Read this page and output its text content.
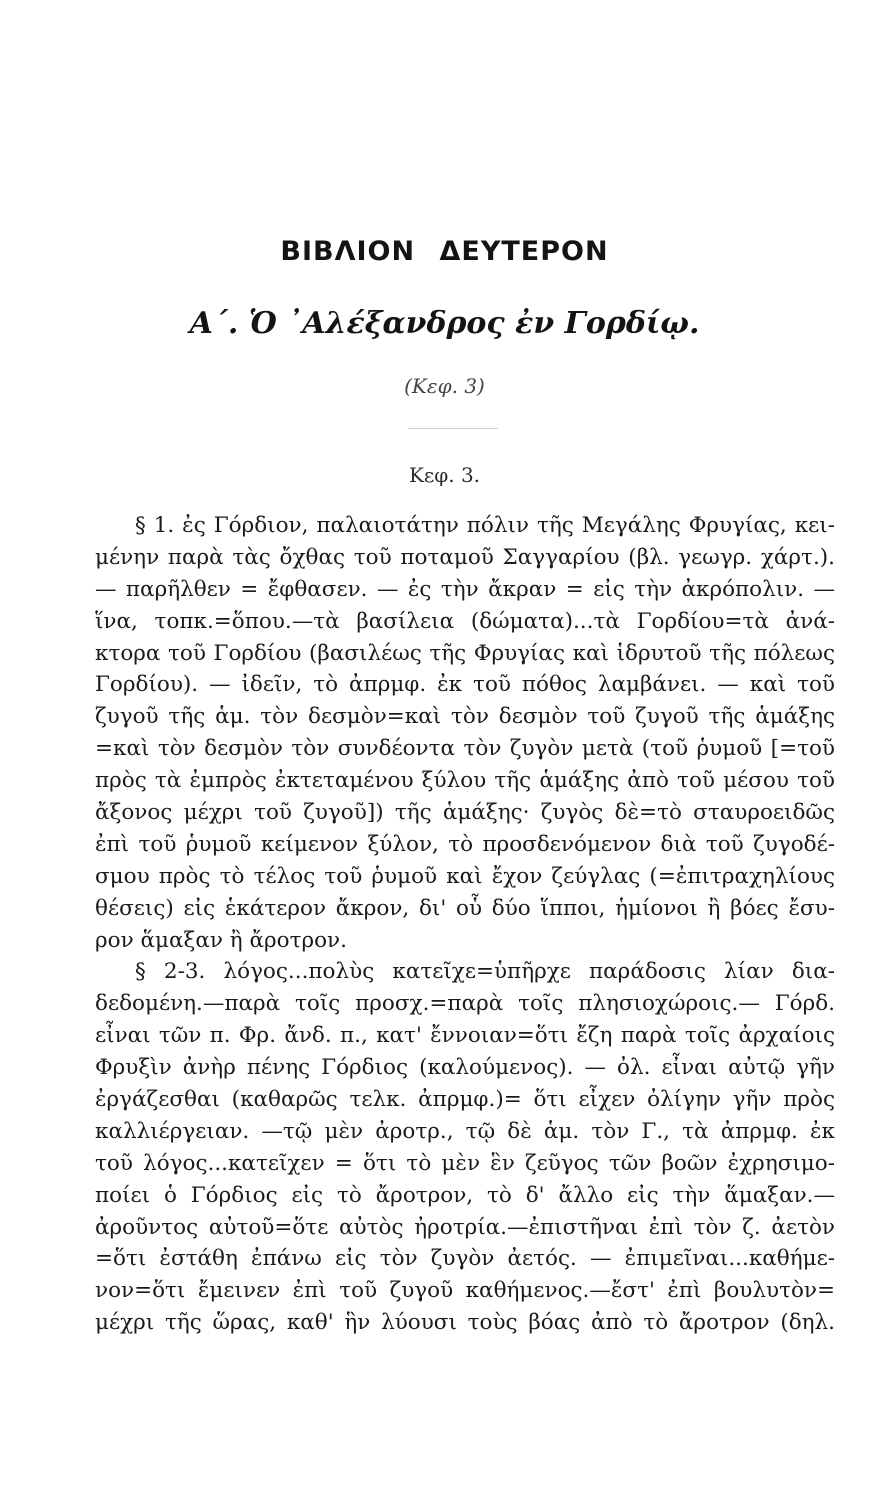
ΒΙΒΛΙΟΝ ΔΕΥΤΕΡΟΝ
Α΄. Ὁ ᾿Αλέξανδρος ἐν Γορδίῳ.
(Κεφ. 3)
Κεφ. 3.
§ 1. ἐς Γόρδιον, παλαιοτάτην πόλιν τῆς Μεγάλης Φρυγίας, κει-
μένην παρὰ τὰς ὄχθας τοῦ ποταμοῦ Σαγγαρίου (βλ. γεωγρ. χάρτ.).
— παρῆλθεν = ἔφθασεν. — ἐς τὴν ἄκραν = εἰς τὴν ἀκρόπολιν. —
ἵνα, τοπκ.=ὅπου.—τὰ βασίλεια (δώματα)...τὰ Γορδίου=τὰ ἀνά-
κτορα τοῦ Γορδίου (βασιλέως τῆς Φρυγίας καὶ ἱδρυτοῦ τῆς πόλεως
Γορδίου). — ἰδεῖν, τὸ ἀπρμφ. ἐκ τοῦ πόθος λαμβάνει. — καὶ τοῦ
ζυγοῦ τῆς ἁμ. τὸν δεσμὸν=καὶ τὸν δεσμὸν τοῦ ζυγοῦ τῆς ἁμάξης
=καὶ τὸν δεσμὸν τὸν συνδέοντα τὸν ζυγὸν μετὰ (τοῦ ῥυμοῦ [=τοῦ
πρὸς τὰ ἐμπρὸς ἐκτεταμένου ξύλου τῆς ἁμάξης ἀπὸ τοῦ μέσου τοῦ
ἄξονος μέχρι τοῦ ζυγοῦ]) τῆς ἁμάξης· ζυγὸς δὲ=τὸ σταυροειδῶς
ἐπὶ τοῦ ῥυμοῦ κείμενον ξύλον, τὸ προσδενόμενον διὰ τοῦ ζυγοδέ-
σμου πρὸς τὸ τέλος τοῦ ῥυμοῦ καὶ ἔχον ζεύγλας (=ἐπιτραχηλίους
θέσεις) εἰς ἑκάτερον ἄκρον, δι' οὗ δύο ἵπποι, ἡμίονοι ἢ βόες ἔσυ-
ρον ἅμαξαν ἢ ἄροτρον.
§ 2-3. λόγος...πολὺς κατεῖχε=ὑπῆρχε παράδοσις λίαν δια-
δεδομένη.—παρὰ τοῖς προσχ.=παρὰ τοῖς πλησιοχώροις.— Γόρδ.
εἶναι τῶν π. Φρ. ἄνδ. π., κατ' ἔννοιαν=ὅτι ἔζη παρὰ τοῖς ἀρχαίοις
Φρυξὶν ἀνὴρ πένης Γόρδιος (καλούμενος). — ὀλ. εἶναι αὐτῷ γῆν
ἐργάζεσθαι (καθαρῶς τελκ. ἀπρμφ.)= ὅτι εἶχεν ὀλίγην γῆν πρὸς
καλλιέργειαν. —τῷ μὲν ἀροτρ., τῷ δὲ ἁμ. τὸν Γ., τὰ ἀπρμφ. ἐκ
τοῦ λόγος...κατεῖχεν = ὅτι τὸ μὲν ἓν ζεῦγος τῶν βοῶν ἐχρησιμο-
ποίει ὁ Γόρδιος εἰς τὸ ἄροτρον, τὸ δ' ἄλλο εἰς τὴν ἅμαξαν.—
ἀροῦντος αὐτοῦ=ὅτε αὐτὸς ἠροτρία.—ἐπιστῆναι ἐπὶ τὸν ζ. ἀετὸν
=ὅτι ἐστάθη ἐπάνω εἰς τὸν ζυγὸν ἀετός. — ἐπιμεῖναι...καθήμε-
νον=ὅτι ἔμεινεν ἐπὶ τοῦ ζυγοῦ καθήμενος.—ἔστ' ἐπὶ βουλυτὸν=
μέχρι τῆς ὥρας, καθ' ἣν λύουσι τοὺς βόας ἀπὸ τὸ ἄροτρον (δηλ.
